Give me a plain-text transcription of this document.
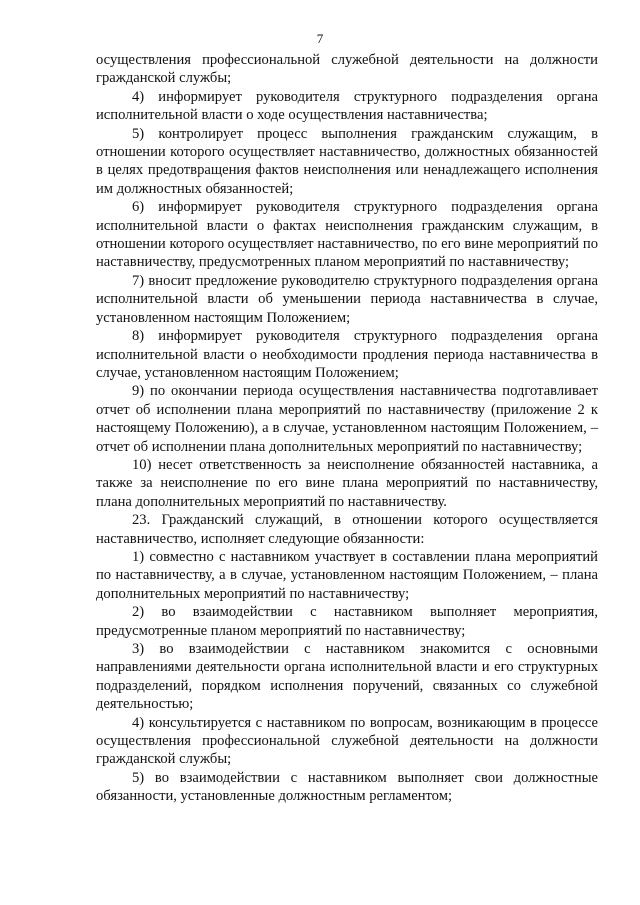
7

осуществления профессиональной служебной деятельности на должности гражданской службы;

4) информирует руководителя структурного подразделения органа исполнительной власти о ходе осуществления наставничества;

5) контролирует процесс выполнения гражданским служащим, в отношении которого осуществляет наставничество, должностных обязанностей в целях предотвращения фактов неисполнения или ненадлежащего исполнения им должностных обязанностей;

6) информирует руководителя структурного подразделения органа исполнительной власти о фактах неисполнения гражданским служащим, в отношении которого осуществляет наставничество, по его вине мероприятий по наставничеству, предусмотренных планом мероприятий по наставничеству;

7) вносит предложение руководителю структурного подразделения органа исполнительной власти об уменьшении периода наставничества в случае, установленном настоящим Положением;

8) информирует руководителя структурного подразделения органа исполнительной власти о необходимости продления периода наставничества в случае, установленном настоящим Положением;

9) по окончании периода осуществления наставничества подготавливает отчет об исполнении плана мероприятий по наставничеству (приложение 2 к настоящему Положению), а в случае, установленном настоящим Положением, – отчет об исполнении плана дополнительных мероприятий по наставничеству;

10) несет ответственность за неисполнение обязанностей наставника, а также за неисполнение по его вине плана мероприятий по наставничеству, плана дополнительных мероприятий по наставничеству.

23. Гражданский служащий, в отношении которого осуществляется наставничество, исполняет следующие обязанности:

1) совместно с наставником участвует в составлении плана мероприятий по наставничеству, а в случае, установленном настоящим Положением, – плана дополнительных мероприятий по наставничеству;

2) во взаимодействии с наставником выполняет мероприятия, предусмотренные планом мероприятий по наставничеству;

3) во взаимодействии с наставником знакомится с основными направлениями деятельности органа исполнительной власти и его структурных подразделений, порядком исполнения поручений, связанных со служебной деятельностью;

4) консультируется с наставником по вопросам, возникающим в процессе осуществления профессиональной служебной деятельности на должности гражданской службы;

5) во взаимодействии с наставником выполняет свои должностные обязанности, установленные должностным регламентом;
